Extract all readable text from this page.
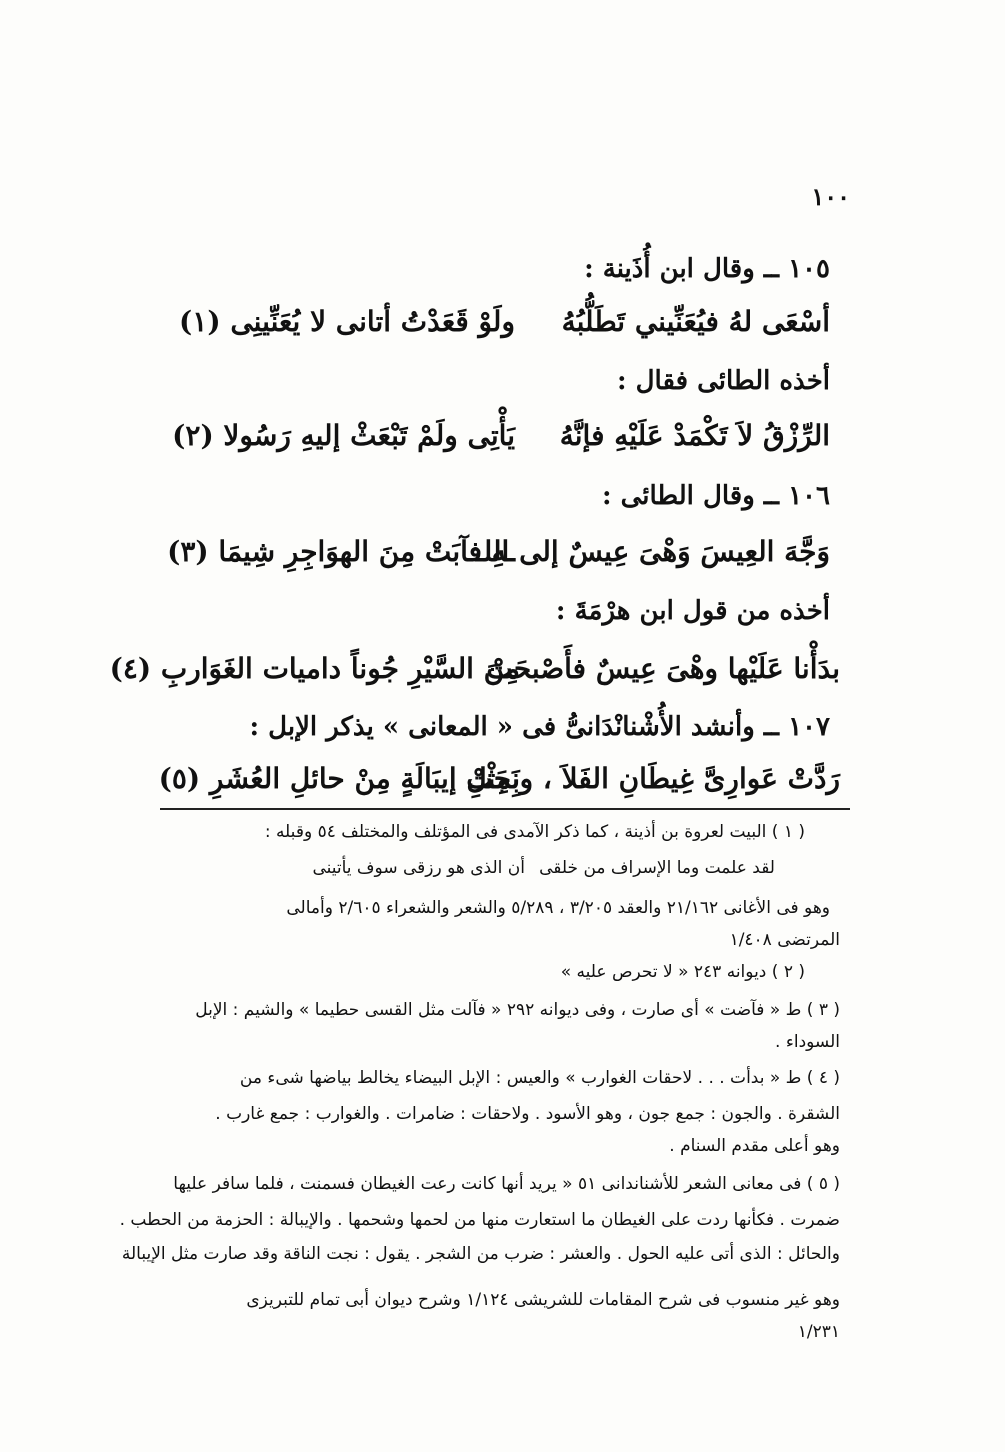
١٠٠
١٠٥ ــ وقال ابن أُذَينة :
أسْعَى لهُ فيُعَنِّيني تَطَلُّبُهُ
ولَوْ قَعَدْتُ أتانى لا يُعَنِّينِى (١)
أخذه الطائى فقال :
الرِّزْقُ لاَ تَكْمَدْ عَلَيْهِ فإنَّهُ
يَأْتِى ولَمْ تَبْعَثْ إليهِ رَسُولا (٢)
١٠٦ ــ وقال الطائى :
وَجَّهَ العِيسَ وَهْىَ عِيسٌ إلى اللـ
ـهِ فآبَتْ مِنَ الهوَاجِرِ شِيمَا (٣)
أخذه من قول ابن هرْمَةَ :
بدَأْنا عَلَيْها وهْىَ عِيسٌ فأَصْبحَتْ
مِنَ السَّيْرِ جُوناً داميات الغَوَاربِ (٤)
١٠٧ ــ وأنشد الأُشْنانْدَانىُّ فى « المعانى » يذكر الإبل :
رَدَّتْ عَوارِىَّ غِيطَانِ الفَلاَ ، ونَجَتْ
بِمِثْلِ إيبَالَةٍ مِنْ حائلِ العُشَرِ (٥)
( ١ ) البيت لعروة بن أذينة ، كما ذكر الآمدى فى المؤتلف والمختلف ٥٤ وقبله :
لقد علمت وما الإسراف من خلقى
أن الذى هو رزقى سوف يأتينى
وهو فى الأغانى ٢١/١٦٢ والعقد ٣/٢٠٥ ، ٥/٢٨٩ والشعر والشعراء ٢/٦٠٥ وأمالى
المرتضى ١/٤٠٨
( ٢ ) ديوانه ٢٤٣ « لا تحرص عليه »
( ٣ ) ط « فآضت » أى صارت ، وفى ديوانه ٢٩٢ « فآلت مثل القسى حطيما » والشيم : الإبل
السوداء .
( ٤ ) ط « بدأت . . . لاحقات الغوارب » والعيس : الإبل البيضاء يخالط بياضها شىء من
الشقرة . والجون : جمع جون ، وهو الأسود . ولاحقات : ضامرات . والغوارب : جمع غارب .
وهو أعلى مقدم السنام .
( ٥ ) فى معانى الشعر للأشناندانى ٥١ « يريد أنها كانت رعت الغيطان فسمنت ، فلما سافر عليها
ضمرت . فكأنها ردت على الغيطان ما استعارت منها من لحمها وشحمها . والإيبالة : الحزمة من الحطب .
والحائل : الذى أتى عليه الحول . والعشر : ضرب من الشجر . يقول : نجت الناقة وقد صارت مثل الإيبالة
وهو غير منسوب فى شرح المقامات للشريشى ١/١٢٤ وشرح ديوان أبى تمام للتبريزى
١/٢٣١
